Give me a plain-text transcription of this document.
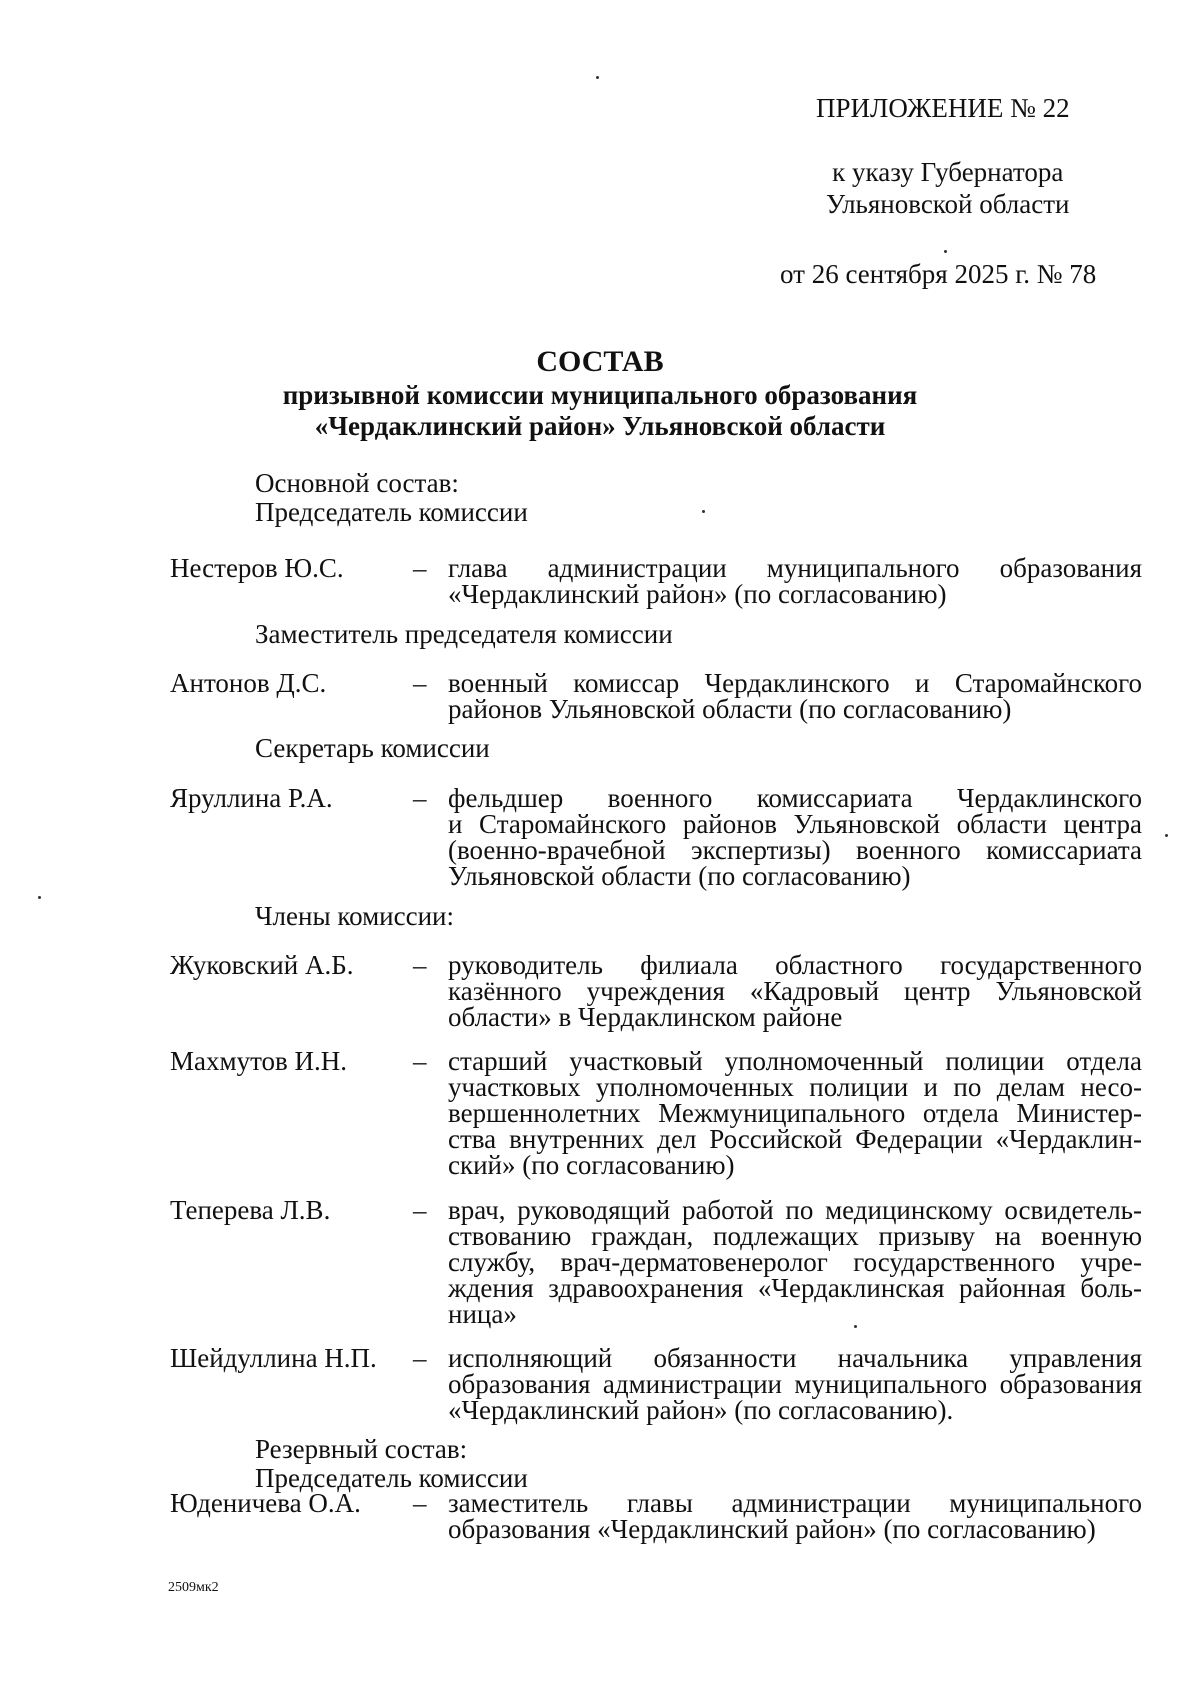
ПРИЛОЖЕНИЕ № 22
к указу Губернатора
Ульяновской области
от 26 сентября 2025 г. № 78
СОСТАВ
призывной комиссии муниципального образования
«Чердаклинский район» Ульяновской области
Основной состав:
Председатель комиссии
Нестеров Ю.С.	– глава администрации муниципального образования
«Чердаклинский район» (по согласованию)
Заместитель председателя комиссии
Антонов Д.С.	– военный комиссар Чердаклинского и Старомайнского
районов Ульяновской области (по согласованию)
Секретарь комиссии
Яруллина Р.А.	– фельдшер военного комиссариата Чердаклинского
и Старомайнского районов Ульяновской области центра
(военно-врачебной экспертизы) военного комиссариата
Ульяновской области (по согласованию)
Члены комиссии:
Жуковский А.Б. – руководитель филиала областного государственного
казённого учреждения «Кадровый центр Ульяновской
области» в Чердаклинском районе
Махмутов И.Н. – старший участковый уполномоченный полиции отдела
участковых уполномоченных полиции и по делам несо-
вершеннолетних Межмуниципального отдела Министер-
ства внутренних дел Российской Федерации «Чердаклин-
ский» (по согласованию)
Теперева Л.В.	– врач, руководящий работой по медицинскому освидетель-
ствованию граждан, подлежащих призыву на военную
службу, врач-дерматовенеролог государственного учре-
ждения здравоохранения «Чердаклинская районная боль-
ница»
Шейдуллина Н.П. – исполняющий обязанности начальника управления
образования администрации муниципального образования
«Чердаклинский район» (по согласованию).
Резервный состав:
Председатель комиссии
Юденичева О.А. – заместитель главы администрации муниципального
образования «Чердаклинский район» (по согласованию)
2509мк2
